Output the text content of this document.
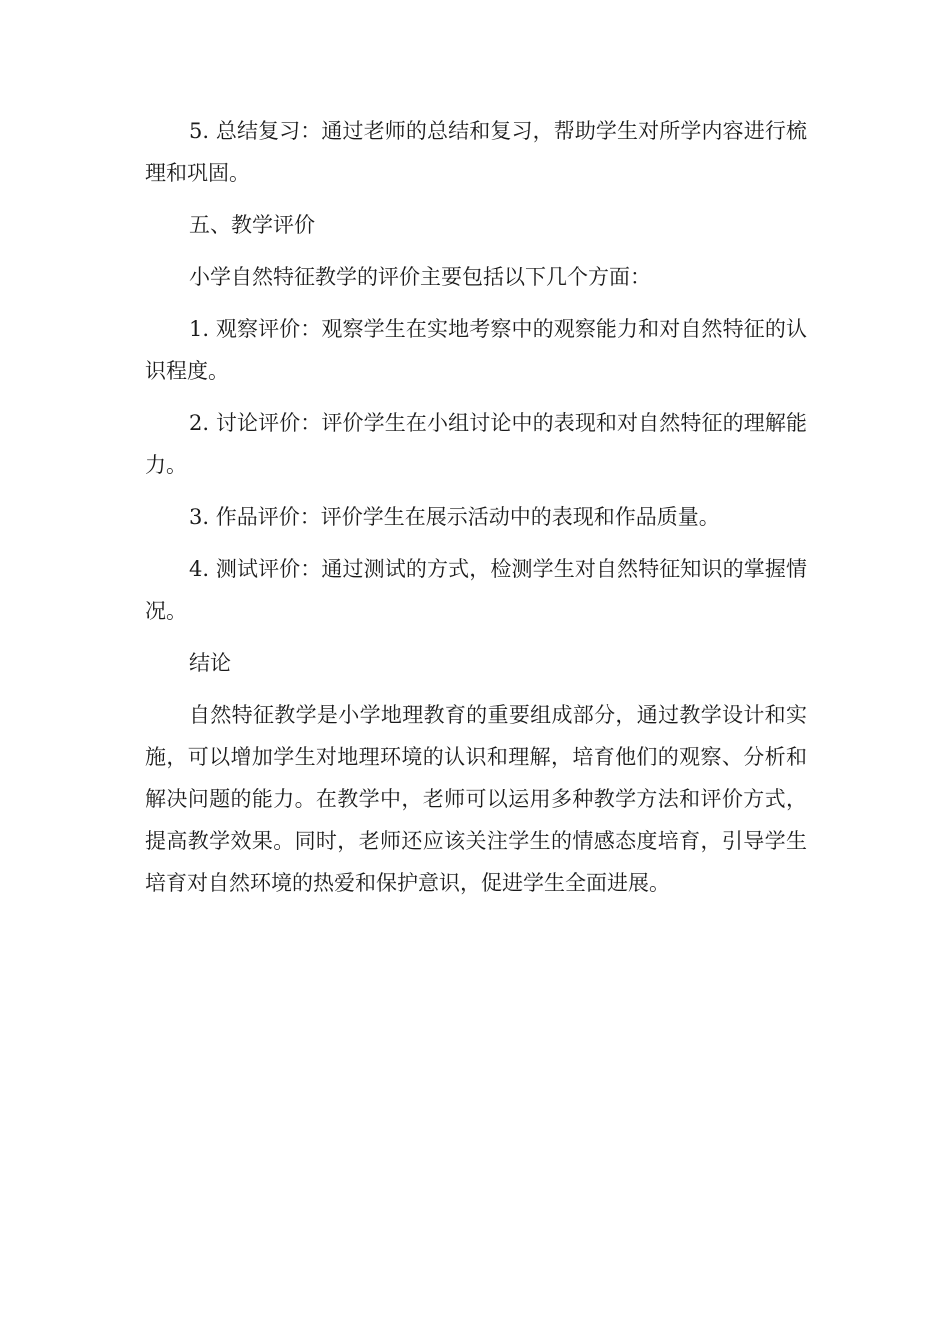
5. 总结复习：通过老师的总结和复习，帮助学生对所学内容进行梳理和巩固。

五、教学评价

小学自然特征教学的评价主要包括以下几个方面：

1. 观察评价：观察学生在实地考察中的观察能力和对自然特征的认识程度。

2. 讨论评价：评价学生在小组讨论中的表现和对自然特征的理解能力。

3. 作品评价：评价学生在展示活动中的表现和作品质量。

4. 测试评价：通过测试的方式，检测学生对自然特征知识的掌握情况。

结论

自然特征教学是小学地理教育的重要组成部分，通过教学设计和实施，可以增加学生对地理环境的认识和理解，培育他们的观察、分析和解决问题的能力。在教学中，老师可以运用多种教学方法和评价方式，提高教学效果。同时，老师还应该关注学生的情感态度培育，引导学生培育对自然环境的热爱和保护意识，促进学生全面进展。
